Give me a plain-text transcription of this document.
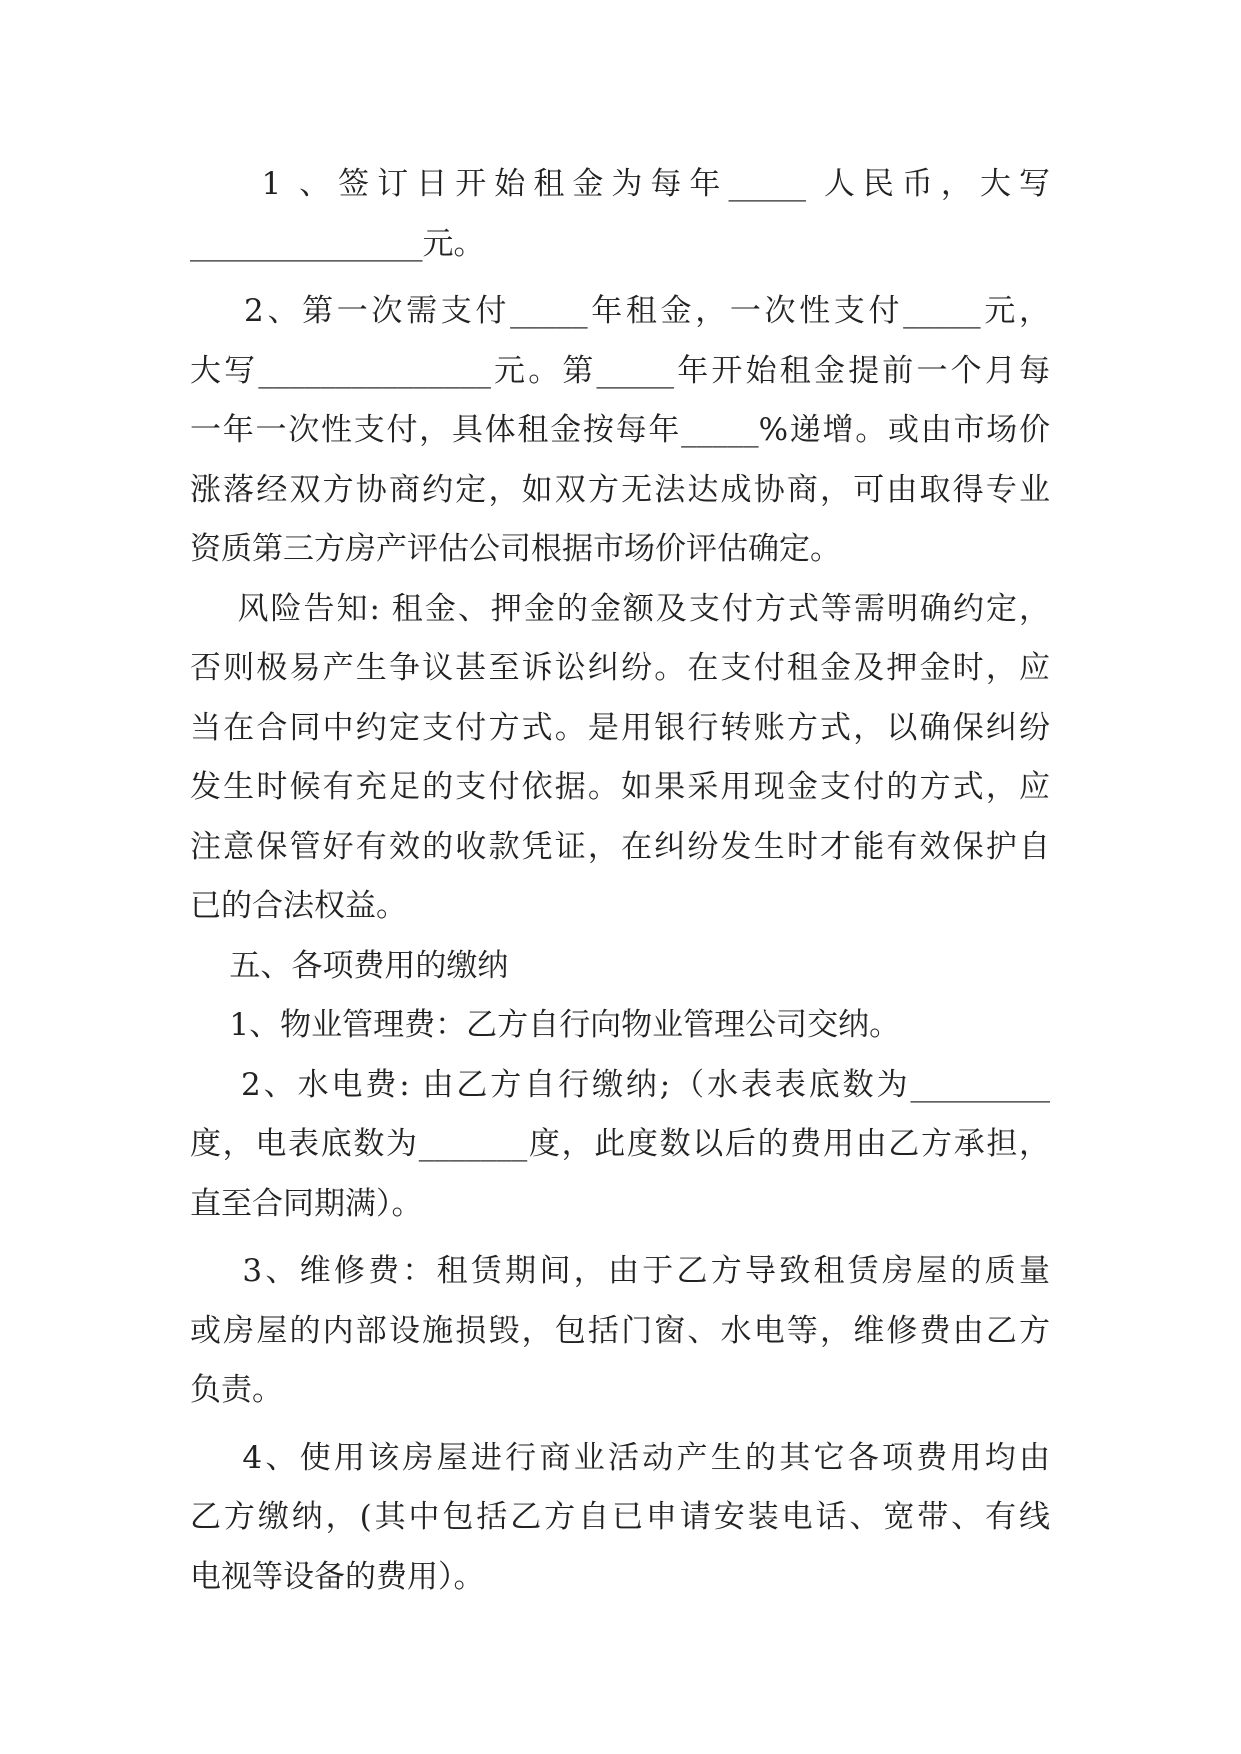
1 、签订日开始租金为每年_____ 人民币，大写
_______________元。
2、第一次需支付_____年租金，一次性支付_____元，
大写_______________元。第_____年开始租金提前一个月每
一年一次性支付，具体租金按每年_____%递增。或由市场价
涨落经双方协商约定，如双方无法达成协商，可由取得专业
资质第三方房产评估公司根据市场价评估确定。
风险告知: 租金、押金的金额及支付方式等需明确约定，
否则极易产生争议甚至诉讼纠纷。在支付租金及押金时，应
当在合同中约定支付方式。是用银行转账方式，以确保纠纷
发生时候有充足的支付依据。如果采用现金支付的方式，应
注意保管好有效的收款凭证，在纠纷发生时才能有效保护自
已的合法权益。
五、各项费用的缴纳
1、物业管理费：乙方自行向物业管理公司交纳。
2、水电费: 由乙方自行缴纳;（水表表底数为_________
度，电表底数为_______度，此度数以后的费用由乙方承担，
直至合同期满）。
3、维修费：租赁期间，由于乙方导致租赁房屋的质量
或房屋的内部设施损毁，包括门窗、水电等，维修费由乙方
负责。
4、使用该房屋进行商业活动产生的其它各项费用均由
乙方缴纳，(其中包括乙方自已申请安装电话、宽带、有线
电视等设备的费用）。
